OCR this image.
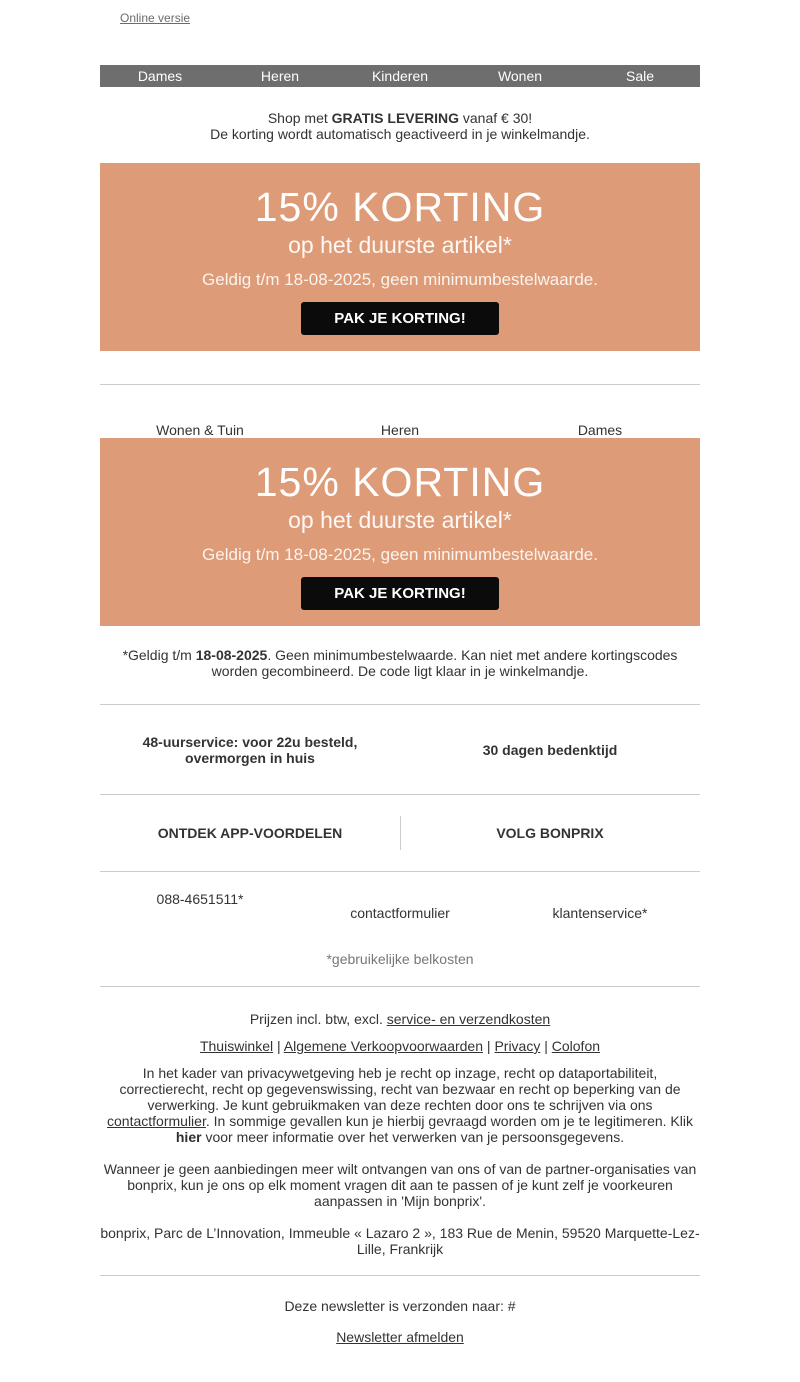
Online versie
Dames	Heren	Kinderen	Wonen	Sale
Shop met GRATIS LEVERING vanaf € 30!
De korting wordt automatisch geactiveerd in je winkelmandje.
15% KORTING
op het duurste artikel*
Geldig t/m 18-08-2025, geen minimumbestelwaarde.
PAK JE KORTING!
Wonen & Tuin	Heren	Dames
15% KORTING
op het duurste artikel*
Geldig t/m 18-08-2025, geen minimumbestelwaarde.
PAK JE KORTING!
*Geldig t/m 18-08-2025. Geen minimumbestelwaarde. Kan niet met andere kortingscodes worden gecombineerd. De code ligt klaar in je winkelmandje.
48-uurservice: voor 22u besteld,
overmorgen in huis	30 dagen bedenktijd
ONTDEK APP-VOORDELEN	VOLG BONPRIX
088-4651511*
contactformulier	klantenservice*
*gebruikelijke belkosten
Prijzen incl. btw, excl. service- en verzendkosten
Thuiswinkel | Algemene Verkoopvoorwaarden | Privacy | Colofon
In het kader van privacywetgeving heb je recht op inzage, recht op dataportabiliteit, correctierecht, recht op gegevenswissing, recht van bezwaar en recht op beperking van de verwerking. Je kunt gebruikmaken van deze rechten door ons te schrijven via ons contactformulier. In sommige gevallen kun je hierbij gevraagd worden om je te legitimeren. Klik hier voor meer informatie over het verwerken van je persoonsgegevens.
Wanneer je geen aanbiedingen meer wilt ontvangen van ons of van de partner-organisaties van bonprix, kun je ons op elk moment vragen dit aan te passen of je kunt zelf je voorkeuren aanpassen in 'Mijn bonprix'.
bonprix, Parc de L’Innovation, Immeuble « Lazaro 2 », 183 Rue de Menin, 59520 Marquette-Lez-Lille, Frankrijk
Deze newsletter is verzonden naar: #
Newsletter afmelden
